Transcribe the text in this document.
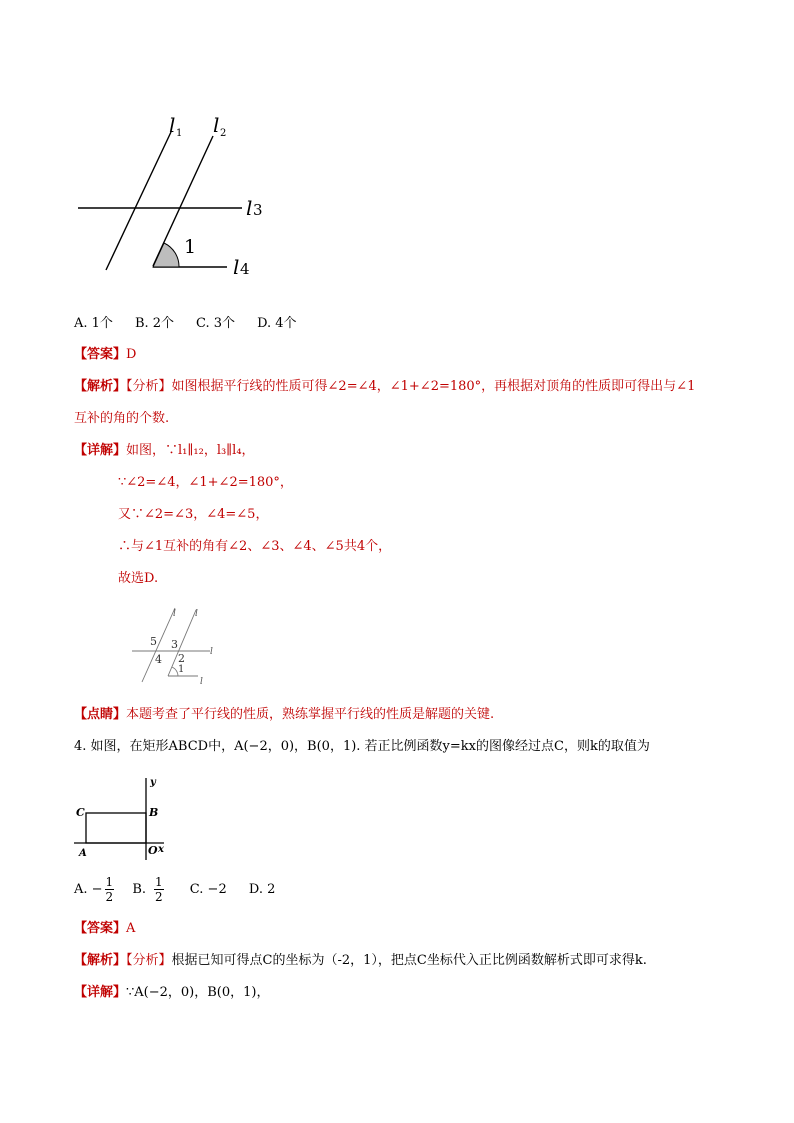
l 1 l 2
l 3
l 4
1
A. 1个 B. 2个 C. 3个 D. 4个
【答案】D
【解析】【分析】如图根据平行线的性质可得∠2=∠4，∠1+∠2=180°，再根据对顶角的性质即可得出与∠1
互补的角的个数.
【详解】如图，∵l₁∥₁₂，l₃∥l₄，
∵∠2=∠4，∠1+∠2=180°，
又∵∠2=∠3，∠4=∠5，
∴与∠1互补的角有∠2、∠3、∠4、∠5共4个，
故选D.
l l
l
l
5 3
4 2
1
【点睛】本题考查了平行线的性质，熟练掌握平行线的性质是解题的关键.
4. 如图，在矩形ABCD中，A(−2，0)，B(0，1). 若正比例函数y=kx的图像经过点C，则k的取值为
y
C	B
A	O x
A. − $\frac{1}{2} B$. $\frac{1}{2} C$. −2 D. 2
【答案】A
【解析】【分析】根据已知可得点C的坐标为（-2，1），把点C坐标代入正比例函数解析式即可求得k.
【详解】∵A(−2，0)，B(0，1)，
